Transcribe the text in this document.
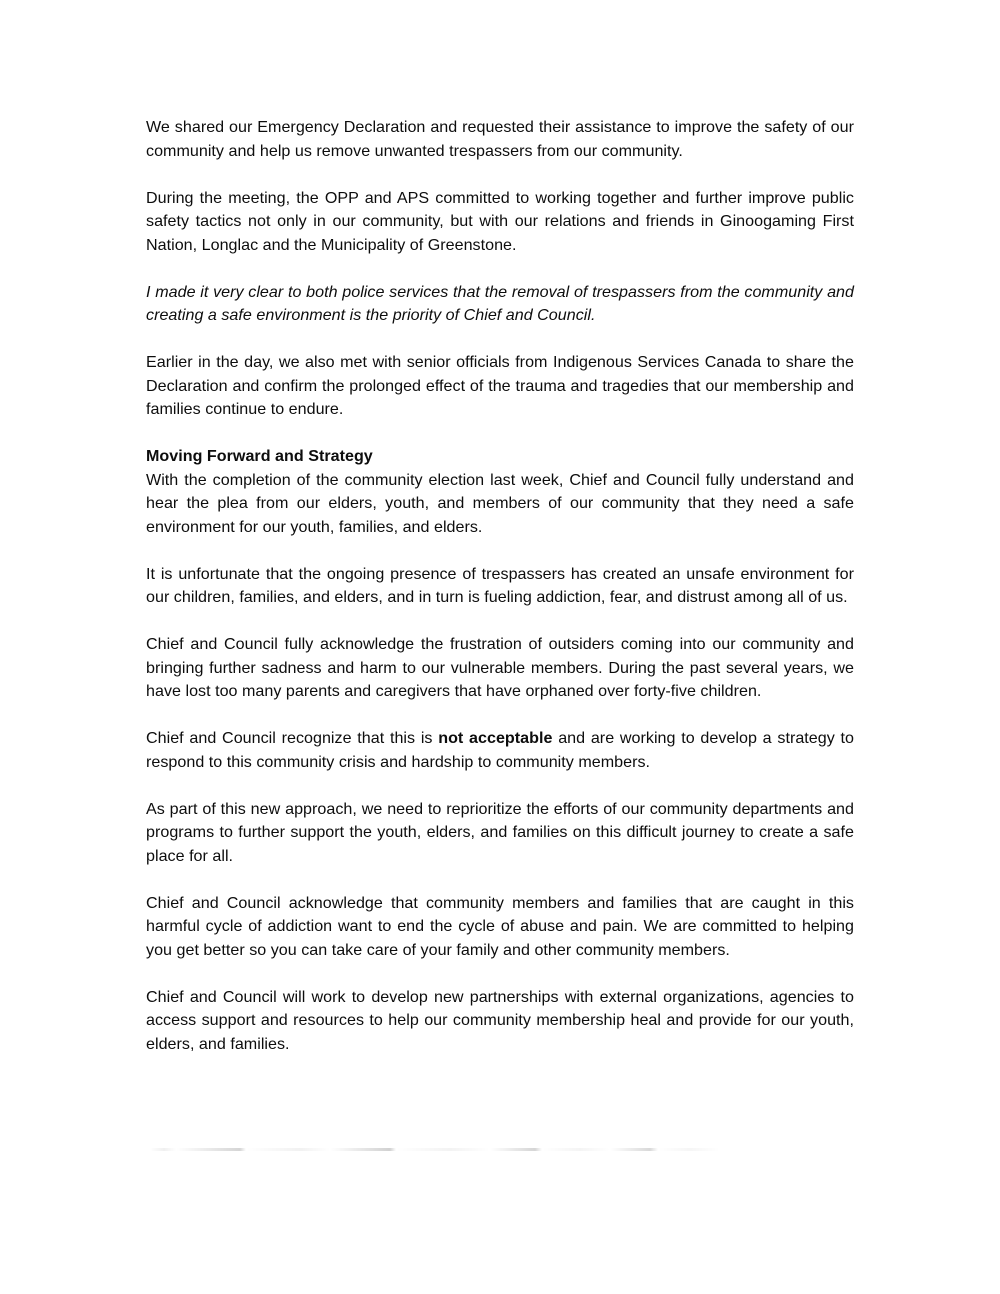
We shared our Emergency Declaration and requested their assistance to improve the safety of our community and help us remove unwanted trespassers from our community.

During the meeting, the OPP and APS committed to working together and further improve public safety tactics not only in our community, but with our relations and friends in Ginoogaming First Nation, Longlac and the Municipality of Greenstone.

I made it very clear to both police services that the removal of trespassers from the community and creating a safe environment is the priority of Chief and Council.

Earlier in the day, we also met with senior officials from Indigenous Services Canada to share the Declaration and confirm the prolonged effect of the trauma and tragedies that our membership and families continue to endure.

Moving Forward and Strategy

With the completion of the community election last week, Chief and Council fully understand and hear the plea from our elders, youth, and members of our community that they need a safe environment for our youth, families, and elders.

It is unfortunate that the ongoing presence of trespassers has created an unsafe environment for our children, families, and elders, and in turn is fueling addiction, fear, and distrust among all of us.

Chief and Council fully acknowledge the frustration of outsiders coming into our community and bringing further sadness and harm to our vulnerable members. During the past several years, we have lost too many parents and caregivers that have orphaned over forty-five children.

Chief and Council recognize that this is not acceptable and are working to develop a strategy to respond to this community crisis and hardship to community members.

As part of this new approach, we need to reprioritize the efforts of our community departments and programs to further support the youth, elders, and families on this difficult journey to create a safe place for all.

Chief and Council acknowledge that community members and families that are caught in this harmful cycle of addiction want to end the cycle of abuse and pain. We are committed to helping you get better so you can take care of your family and other community members.

Chief and Council will work to develop new partnerships with external organizations, agencies to access support and resources to help our community membership heal and provide for our youth, elders, and families.
